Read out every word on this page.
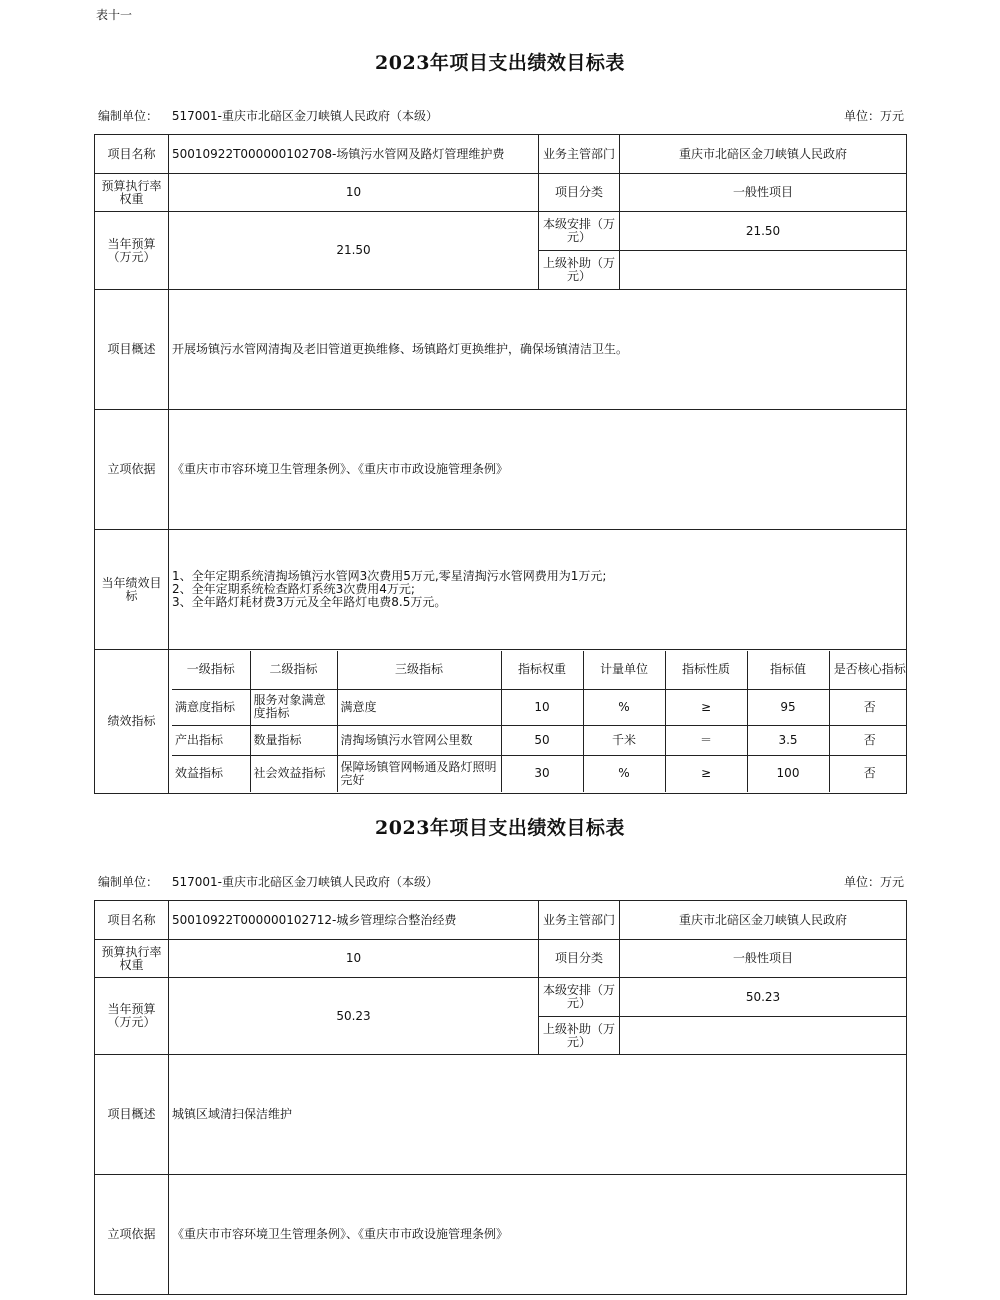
表十一
2023年项目支出绩效目标表
编制单位： 517001-重庆市北碚区金刀峡镇人民政府（本级）	单位：万元
项目名称	50010922T000000102708-场镇污水管网及路灯管理维护费	业务主管部门	重庆市北碚区金刀峡镇人民政府
预算执行率权重	10	项目分类	一般性项目
当年预算（万元）	21.50	本级安排（万元）	21.50
上级补助（万元）	
项目概述	开展场镇污水管网清掏及老旧管道更换维修、场镇路灯更换维护，确保场镇清洁卫生。
立项依据	《重庆市市容环境卫生管理条例》、《重庆市市政设施管理条例》
当年绩效目标	
1、全年定期系统清掏场镇污水管网3次费用5万元,零星清掏污水管网费用为1万元;
2、全年定期系统检查路灯系统3次费用4万元;
3、全年路灯耗材费3万元及全年路灯电费8.5万元。

绩效指标	
一级指标	二级指标	三级指标	指标权重	计量单位	指标性质	指标值	是否核心指标
满意度指标	服务对象满意度指标	满意度	10	%	≥	95	否
产出指标	数量指标	清掏场镇污水管网公里数	50	千米	＝	3.5	否
效益指标	社会效益指标	保障场镇管网畅通及路灯照明完好	30	%	≥	100	否
2023年项目支出绩效目标表
编制单位： 517001-重庆市北碚区金刀峡镇人民政府（本级）	单位：万元
项目名称	50010922T000000102712-城乡管理综合整治经费	业务主管部门	重庆市北碚区金刀峡镇人民政府
预算执行率权重	10	项目分类	一般性项目
当年预算（万元）	50.23	本级安排（万元）	50.23
		上级补助（万元）	
项目概述	城镇区域清扫保洁维护		
立项依据	《重庆市市容环境卫生管理条例》、《重庆市市政设施管理条例》		
